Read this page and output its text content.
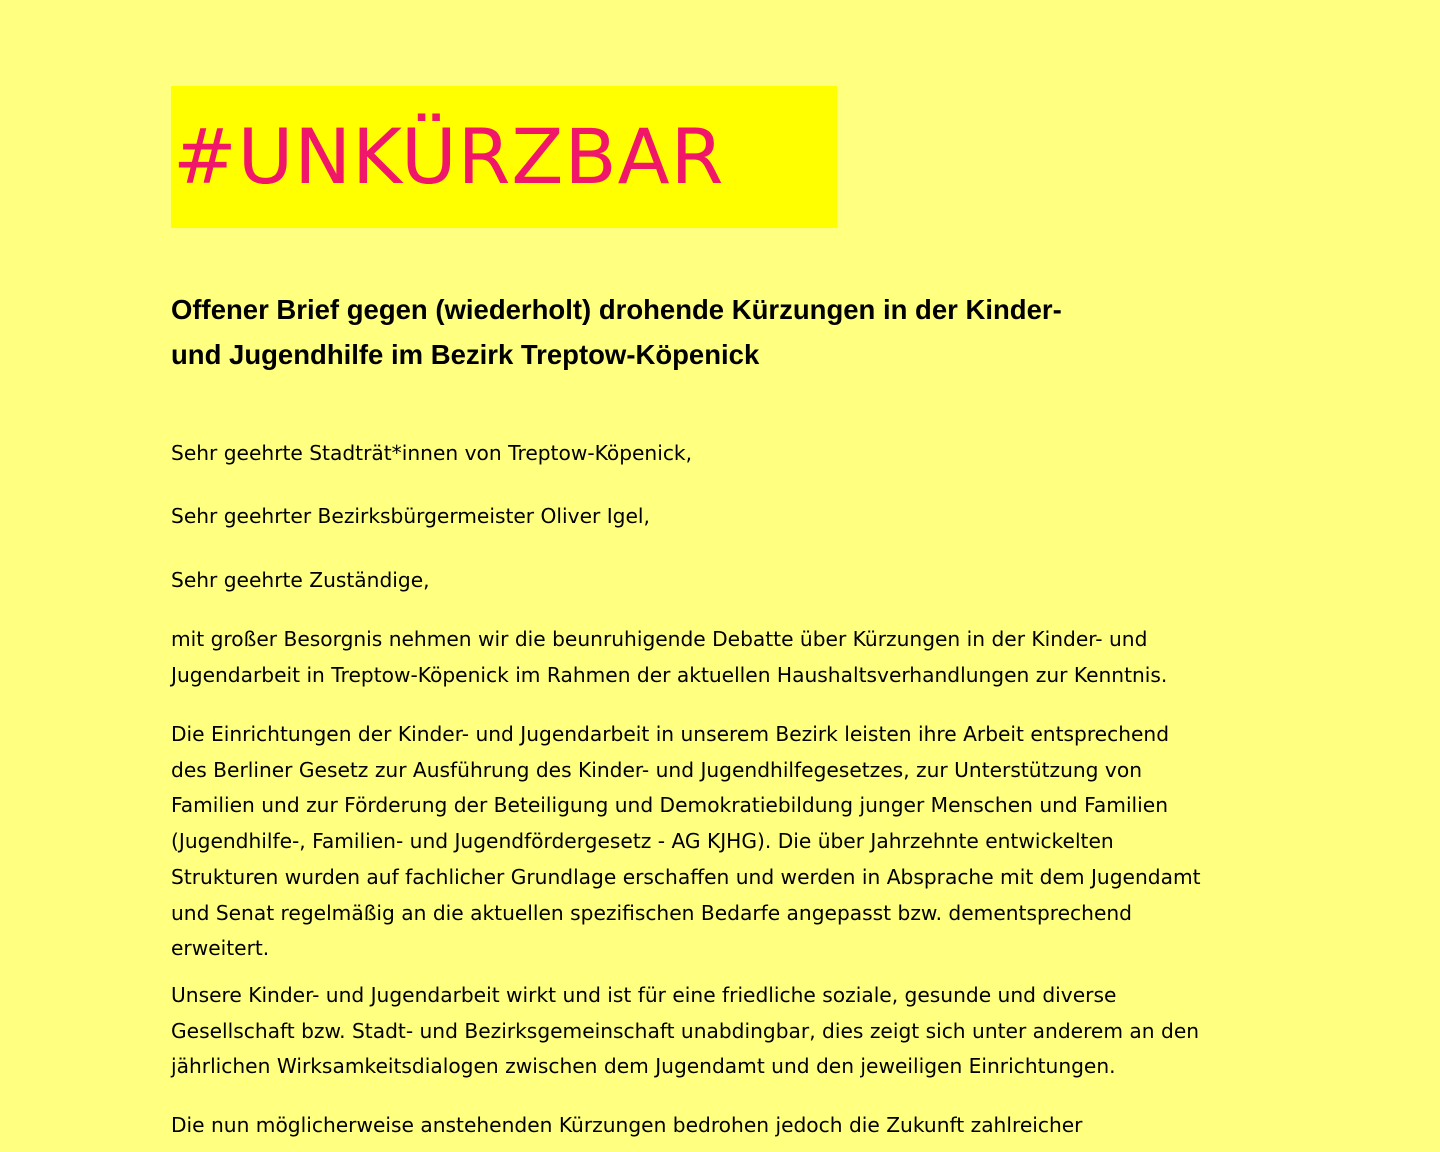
#UNKÜRZBAR
Offener Brief gegen (wiederholt) drohende Kürzungen in der Kinder-
und Jugendhilfe im Bezirk Treptow-Köpenick

Sehr geehrte Stadträt*innen von Treptow-Köpenick,

Sehr geehrter Bezirksbürgermeister Oliver Igel,

Sehr geehrte Zuständige,

mit großer Besorgnis nehmen wir die beunruhigende Debatte über Kürzungen in der Kinder- und
Jugendarbeit in Treptow-Köpenick im Rahmen der aktuellen Haushaltsverhandlungen zur Kenntnis.

Die Einrichtungen der Kinder- und Jugendarbeit in unserem Bezirk leisten ihre Arbeit entsprechend
des Berliner Gesetz zur Ausführung des Kinder- und Jugendhilfegesetzes, zur Unterstützung von
Familien und zur Förderung der Beteiligung und Demokratiebildung junger Menschen und Familien
(Jugendhilfe-, Familien- und Jugendfördergesetz - AG KJHG). Die über Jahrzehnte entwickelten
Strukturen wurden auf fachlicher Grundlage erschaffen und werden in Absprache mit dem Jugendamt
und Senat regelmäßig an die aktuellen spezifischen Bedarfe angepasst bzw. dementsprechend
erweitert.

Unsere Kinder- und Jugendarbeit wirkt und ist für eine friedliche soziale, gesunde und diverse
Gesellschaft bzw. Stadt- und Bezirksgemeinschaft unabdingbar, dies zeigt sich unter anderem an den
jährlichen Wirksamkeitsdialogen zwischen dem Jugendamt und den jeweiligen Einrichtungen.

Die nun möglicherweise anstehenden Kürzungen bedrohen jedoch die Zukunft zahlreicher
